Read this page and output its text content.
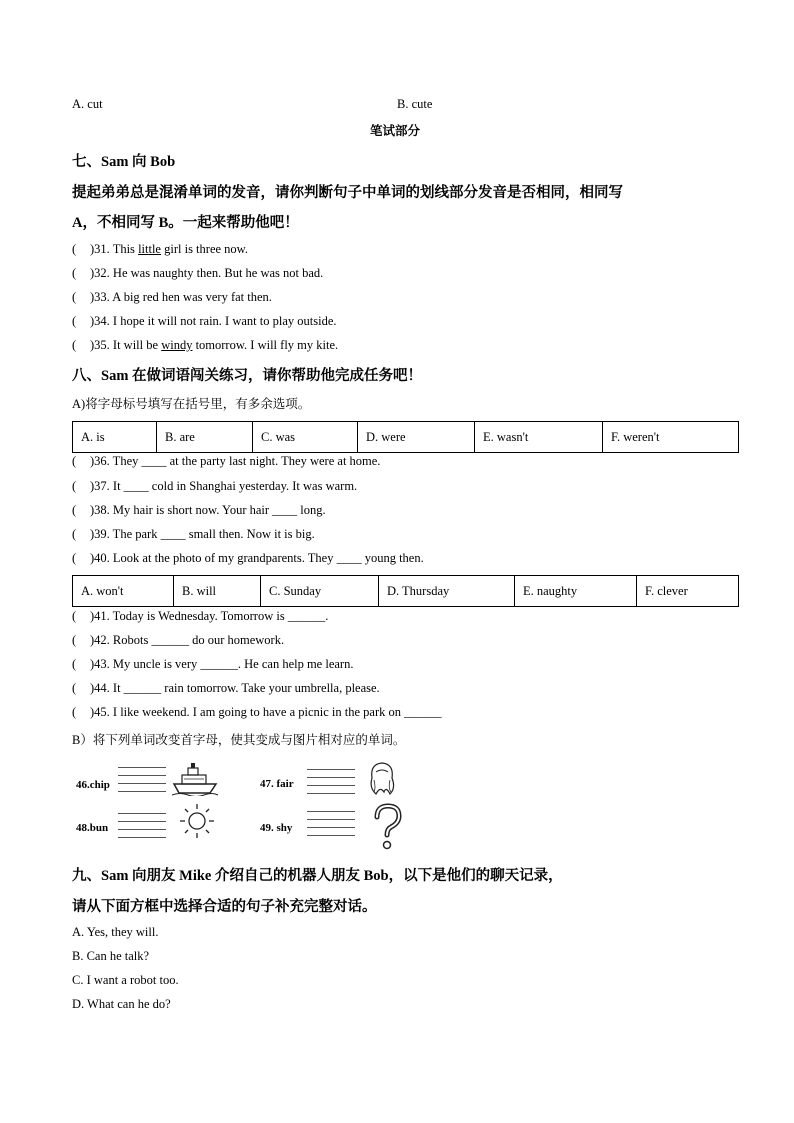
A. cut	B. cute
笔试部分
七、Sam 向 Bob
提起弟弟总是混淆单词的发音，请你判断句子中单词的划线部分发音是否相同，相同写
A，不相同写 B。一起来帮助他吧！
( )31. This little girl is three now.
( )32. He was naughty then. But he was not bad.
( )33. A big red hen was very fat then.
( )34. I hope it will not rain. I want to play outside.
( )35. It will be windy tomorrow. I will fly my kite.
八、Sam 在做词语闯关练习，请你帮助他完成任务吧！
A)将字母标号填写在括号里，有多余选项。
A. is	B. are	C. was	D. were	E. wasn't	F. weren't
( )36. They ____ at the party last night. They were at home.
( )37. It ____ cold in Shanghai yesterday. It was warm.
( )38. My hair is short now. Your hair ____ long.
( )39. The park ____ small then. Now it is big.
( )40. Look at the photo of my grandparents. They ____ young then.
A. won't	B. will	C. Sunday	D. Thursday	E. naughty	F. clever
( )41. Today is Wednesday. Tomorrow is ______.
( )42. Robots ______ do our homework.
( )43. My uncle is very ______. He can help me learn.
( )44. It ______ rain tomorrow. Take your umbrella, please.
( )45. I like weekend. I am going to have a picnic in the park on ______
B）将下列单词改变首字母，使其变成与图片相对应的单词。
46.chip	47. fair
48.bun	49. shy
九、Sam 向朋友 Mike 介绍自己的机器人朋友 Bob，以下是他们的聊天记录，
请从下面方框中选择合适的句子补充完整对话。
A. Yes, they will.
B. Can he talk?
C. I want a robot too.
D. What can he do?
